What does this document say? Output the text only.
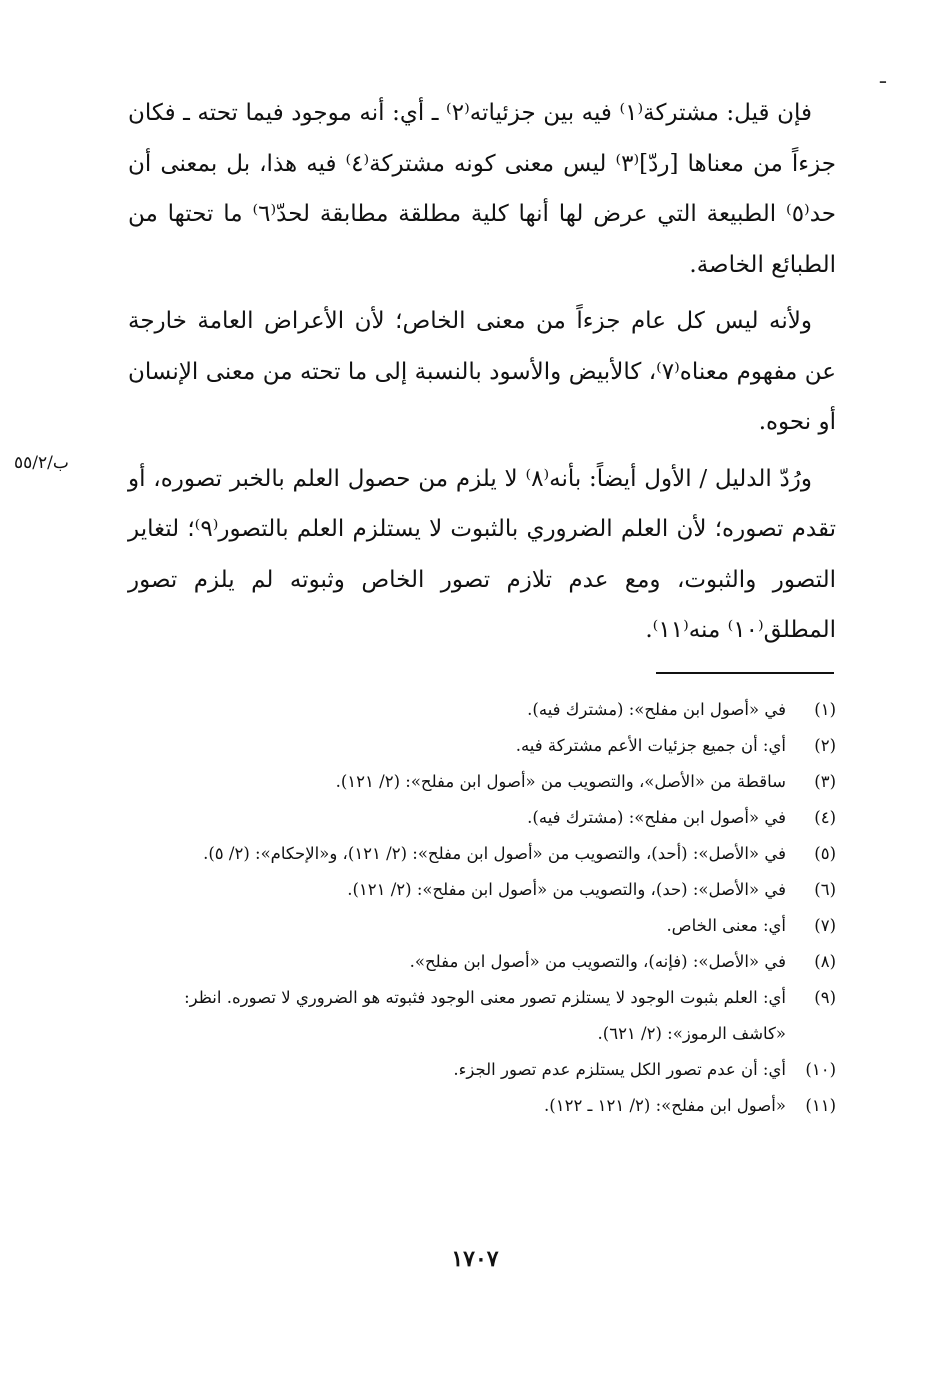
ـ
ب/٥٥/٢

فإن قيل: مشتركة⁽١⁾ فيه بين جزئياته⁽٢⁾ ـ أي: أنه موجود فيما تحته ـ فكان جزءاً من معناها [ردّ]⁽٣⁾ ليس معنى كونه مشتركة⁽٤⁾ فيه هذا، بل بمعنى أن حد⁽٥⁾ الطبيعة التي عرض لها أنها كلية مطلقة مطابقة لحدّ⁽٦⁾ ما تحتها من الطبائع الخاصة.

ولأنه ليس كل عام جزءاً من معنى الخاص؛ لأن الأعراض العامة خارجة عن مفهوم معناه⁽٧⁾، كالأبيض والأسود بالنسبة إلى ما تحته من معنى الإنسان أو نحوه.

ورُدّ الدليل / الأول أيضاً: بأنه⁽٨⁾ لا يلزم من حصول العلم بالخبر تصوره، أو تقدم تصوره؛ لأن العلم الضروري بالثبوت لا يستلزم العلم بالتصور⁽٩⁾؛ لتغاير التصور والثبوت، ومع عدم تلازم تصور الخاص وثبوته لم يلزم تصور المطلق⁽١٠⁾ منه⁽١١⁾.

(١)
في «أصول ابن مفلح»: (مشترك فيه).
(٢)
أي: أن جميع جزئيات الأعم مشتركة فيه.
(٣)
ساقطة من «الأصل»، والتصويب من «أصول ابن مفلح»: (٢/ ١٢١).
(٤)
في «أصول ابن مفلح»: (مشترك فيه).
(٥)
في «الأصل»: (أحد)، والتصويب من «أصول ابن مفلح»: (٢/ ١٢١)، و«الإحكام»: (٢/ ٥).
(٦)
في «الأصل»: (حد)، والتصويب من «أصول ابن مفلح»: (٢/ ١٢١).
(٧)
أي: معنى الخاص.
(٨)
في «الأصل»: (فإنه)، والتصويب من «أصول ابن مفلح».
(٩)
أي: العلم بثبوت الوجود لا يستلزم تصور معنى الوجود فثبوته هو الضروري لا تصوره. انظر: «كاشف الرموز»: (٢/ ٦٢١).
(١٠)
أي: أن عدم تصور الكل يستلزم عدم تصور الجزء.
(١١)
«أصول ابن مفلح»: (٢/ ١٢١ ـ ١٢٢).
١٧٠٧
